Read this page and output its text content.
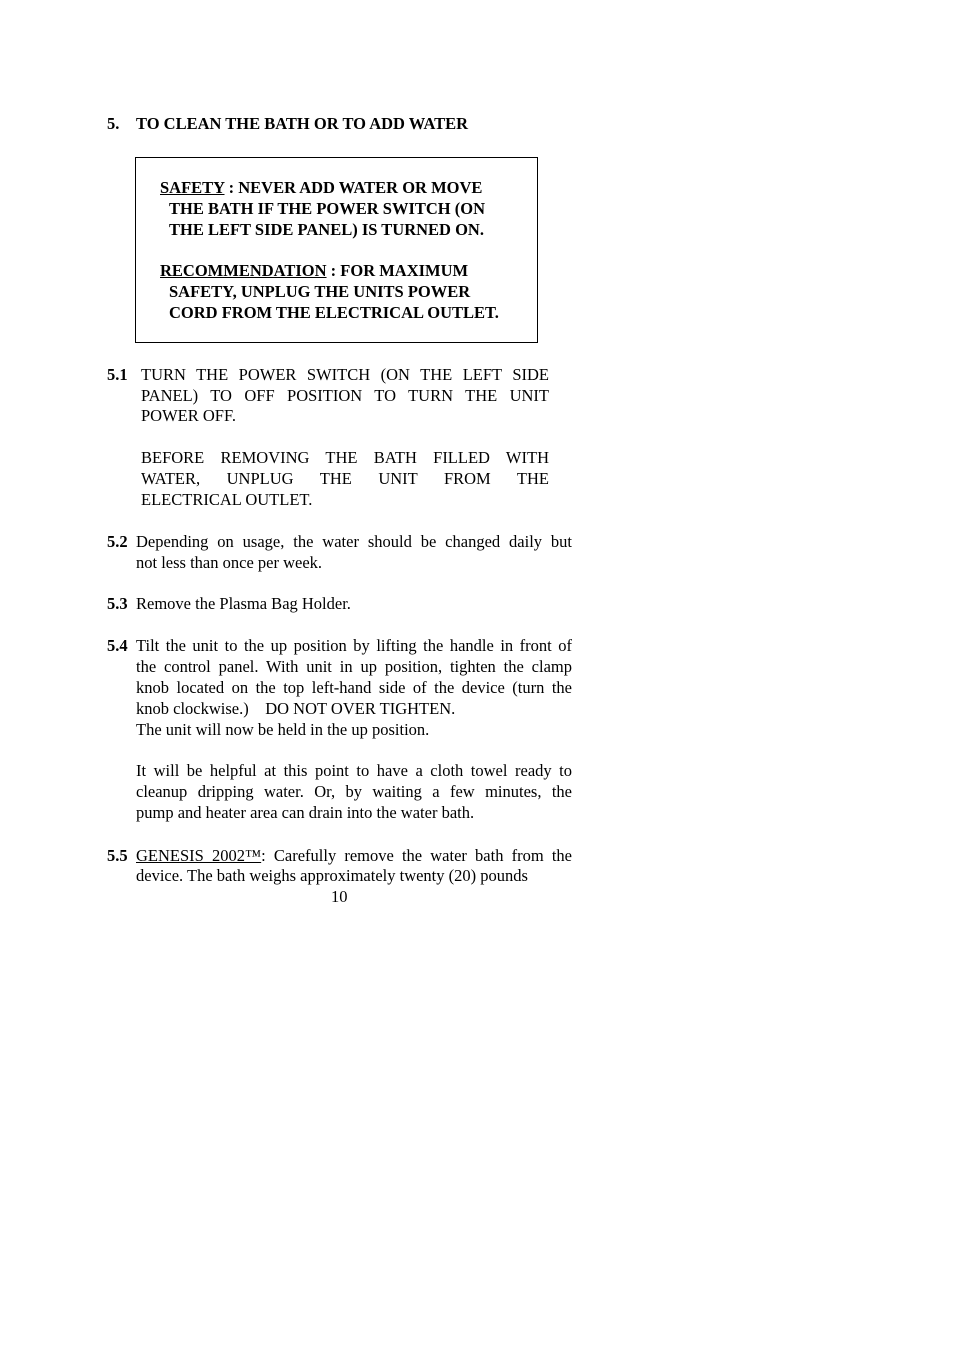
5. TO CLEAN THE BATH OR TO ADD WATER
SAFETY : NEVER ADD WATER OR MOVE
THE BATH IF THE POWER SWITCH (ON
THE LEFT SIDE PANEL) IS TURNED ON.
RECOMMENDATION : FOR MAXIMUM
SAFETY, UNPLUG THE UNITS POWER
CORD FROM THE ELECTRICAL OUTLET.
5.1 TURN THE POWER SWITCH (ON THE LEFT SIDE
PANEL) TO OFF POSITION TO TURN THE UNIT
POWER OFF.
BEFORE REMOVING THE BATH FILLED WITH
WATER, UNPLUG THE UNIT FROM THE
ELECTRICAL OUTLET.
5.2 Depending on usage, the water should be changed daily but
not less than once per week.
5.3 Remove the Plasma Bag Holder.
5.4 Tilt the unit to the up position by lifting the handle in front of
the control panel. With unit in up position, tighten the clamp
knob located on the top left-hand side of the device (turn the
knob clockwise.)    DO NOT OVER TIGHTEN.
The unit will now be held in the up position.
It will be helpful at this point to have a cloth towel ready to
cleanup dripping water. Or, by waiting a few minutes, the
pump and heater area can drain into the water bath.
5.5 GENESIS 2002™: Carefully remove the water bath from the
device. The bath weighs approximately twenty (20) pounds
10
